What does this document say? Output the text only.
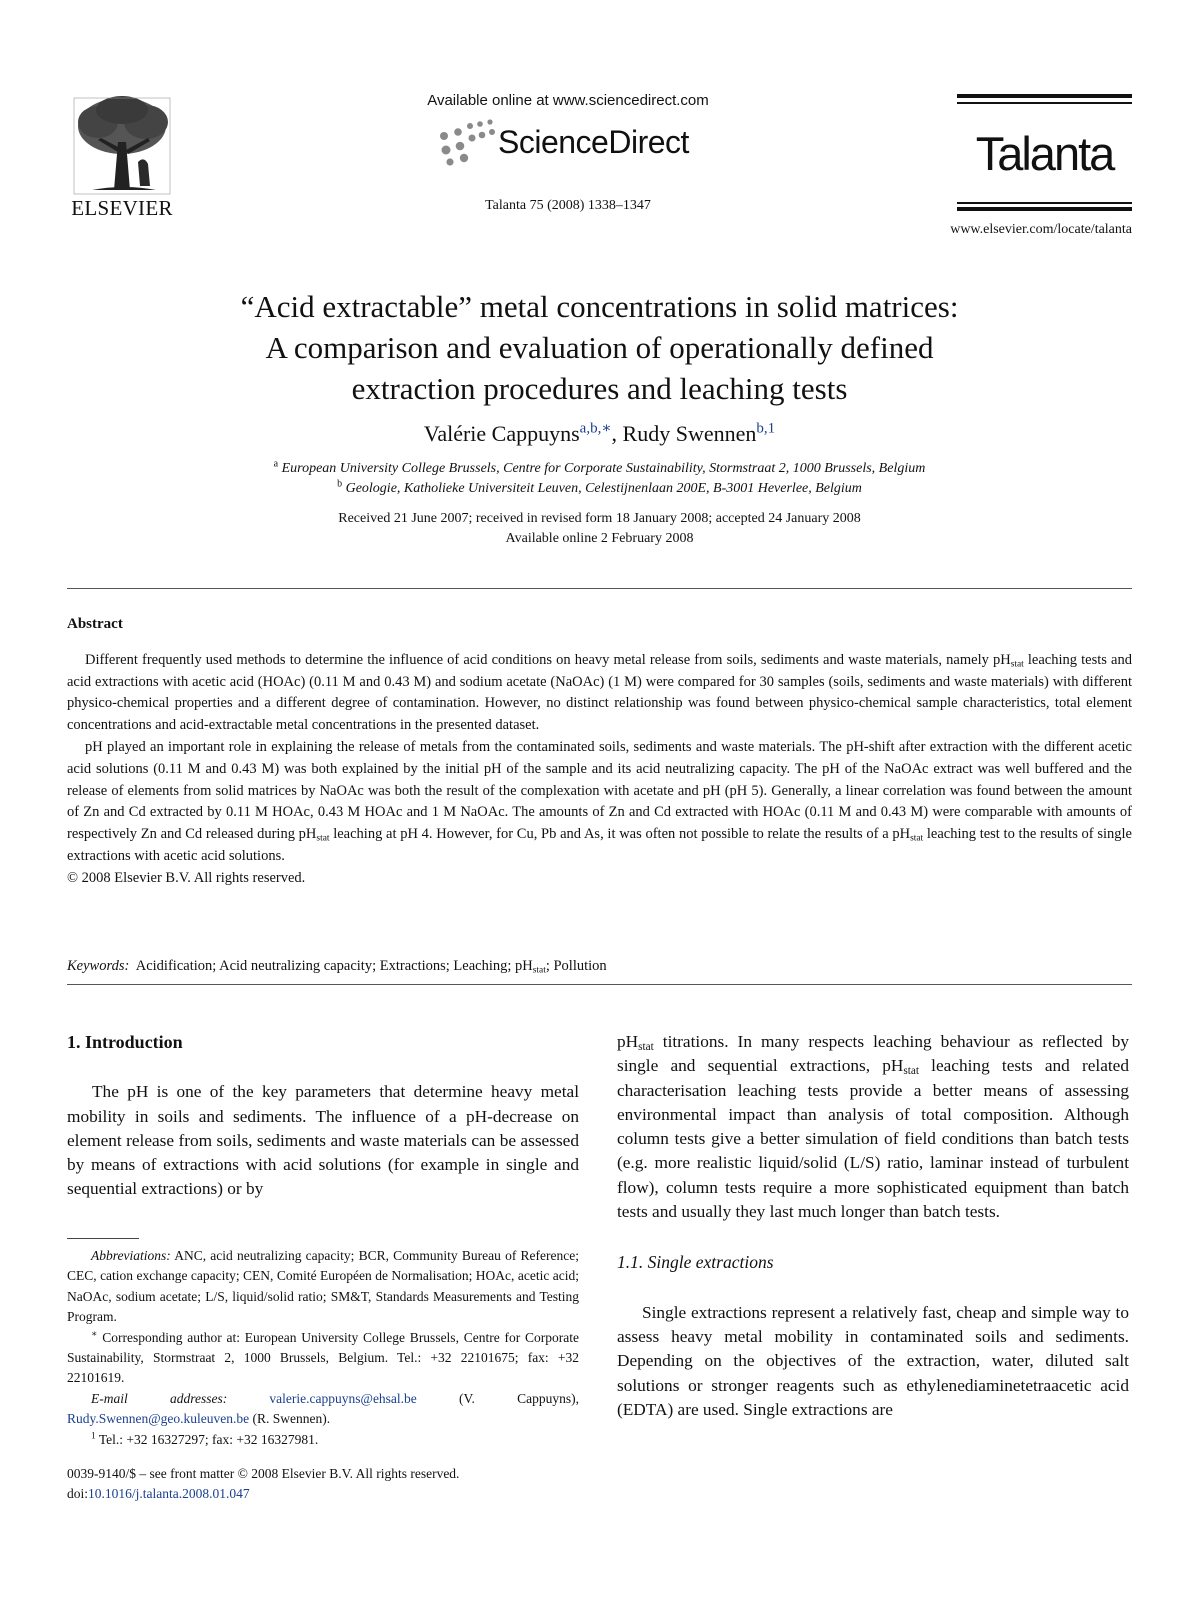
ELSEVIER
Available online at www.sciencedirect.com
ScienceDirect
Talanta 75 (2008) 1338–1347
Talanta
www.elsevier.com/locate/talanta
“Acid extractable” metal concentrations in solid matrices:
A comparison and evaluation of operationally defined
extraction procedures and leaching tests
Valérie Cappuyns$^{a,b,∗}$, Rudy Swennen$^{b,1}$
$^a$ European University College Brussels, Centre for Corporate Sustainability, Stormstraat 2, 1000 Brussels, Belgium
$^b$ Geologie, Katholieke Universiteit Leuven, Celestijnenlaan 200E, B-3001 Heverlee, Belgium
Received 21 June 2007; received in revised form 18 January 2008; accepted 24 January 2008
Available online 2 February 2008
Abstract

Different frequently used methods to determine the influence of acid conditions on heavy metal release from soils, sediments and waste materials, namely $pH_{stat}$ leaching tests and acid extractions with acetic acid (HOAc) (0.11 M and 0.43 M) and sodium acetate (NaOAc) (1 M) were compared for 30 samples (soils, sediments and waste materials) with different physico-chemical properties and a different degree of contamination. However, no distinct relationship was found between physico-chemical sample characteristics, total element concentrations and acid-extractable metal concentrations in the presented dataset.

pH played an important role in explaining the release of metals from the contaminated soils, sediments and waste materials. The pH-shift after extraction with the different acetic acid solutions (0.11 M and 0.43 M) was both explained by the initial pH of the sample and its acid neutralizing capacity. The pH of the NaOAc extract was well buffered and the release of elements from solid matrices by NaOAc was both the result of the complexation with acetate and pH (pH 5). Generally, a linear correlation was found between the amount of Zn and Cd extracted by 0.11 M HOAc, 0.43 M HOAc and 1 M NaOAc. The amounts of Zn and Cd extracted with HOAc (0.11 M and 0.43 M) were comparable with amounts of respectively Zn and Cd released during $pH_{stat}$ leaching at pH 4. However, for Cu, Pb and As, it was often not possible to relate the results of a $pH_{stat}$ leaching test to the results of single extractions with acetic acid solutions.

© 2008 Elsevier B.V. All rights reserved.

Keywords: Acidification; Acid neutralizing capacity; Extractions; Leaching; $pH_{stat}$; Pollution
1. Introduction

The pH is one of the key parameters that determine heavy metal mobility in soils and sediments. The influence of a pH-decrease on element release from soils, sediments and waste materials can be assessed by means of extractions with acid solutions (for example in single and sequential extractions) or by

Abbreviations: ANC, acid neutralizing capacity; BCR, Community Bureau of Reference; CEC, cation exchange capacity; CEN, Comité Européen de Normalisation; HOAc, acetic acid; NaOAc, sodium acetate; L/S, liquid/solid ratio; SM&T, Standards Measurements and Testing Program.

∗ Corresponding author at: European University College Brussels, Centre for Corporate Sustainability, Stormstraat 2, 1000 Brussels, Belgium. Tel.: +32 22101675; fax: +32 22101619.

E-mail addresses:	valerie.cappuyns@ehsal.be (V. Cappuyns), Rudy.Swennen@geo.kuleuven.be (R. Swennen).

$^1$ Tel.: +32 16327297; fax: +32 16327981.

0039-9140/$ – see front matter © 2008 Elsevier B.V. All rights reserved.
doi:10.1016/j.talanta.2008.01.047

$pH_{stat}$ titrations. In many respects leaching behaviour as reflected by single and sequential extractions, $pH_{stat}$ leaching tests and related characterisation leaching tests provide a better means of assessing environmental impact than analysis of total composition. Although column tests give a better simulation of field conditions than batch tests (e.g. more realistic liquid/solid (L/S) ratio, laminar instead of turbulent flow), column tests require a more sophisticated equipment than batch tests and usually they last much longer than batch tests.

1.1. Single extractions

Single extractions represent a relatively fast, cheap and simple way to assess heavy metal mobility in contaminated soils and sediments. Depending on the objectives of the extraction, water, diluted salt solutions or stronger reagents such as ethylenediaminetetraacetic acid (EDTA) are used. Single extractions are
